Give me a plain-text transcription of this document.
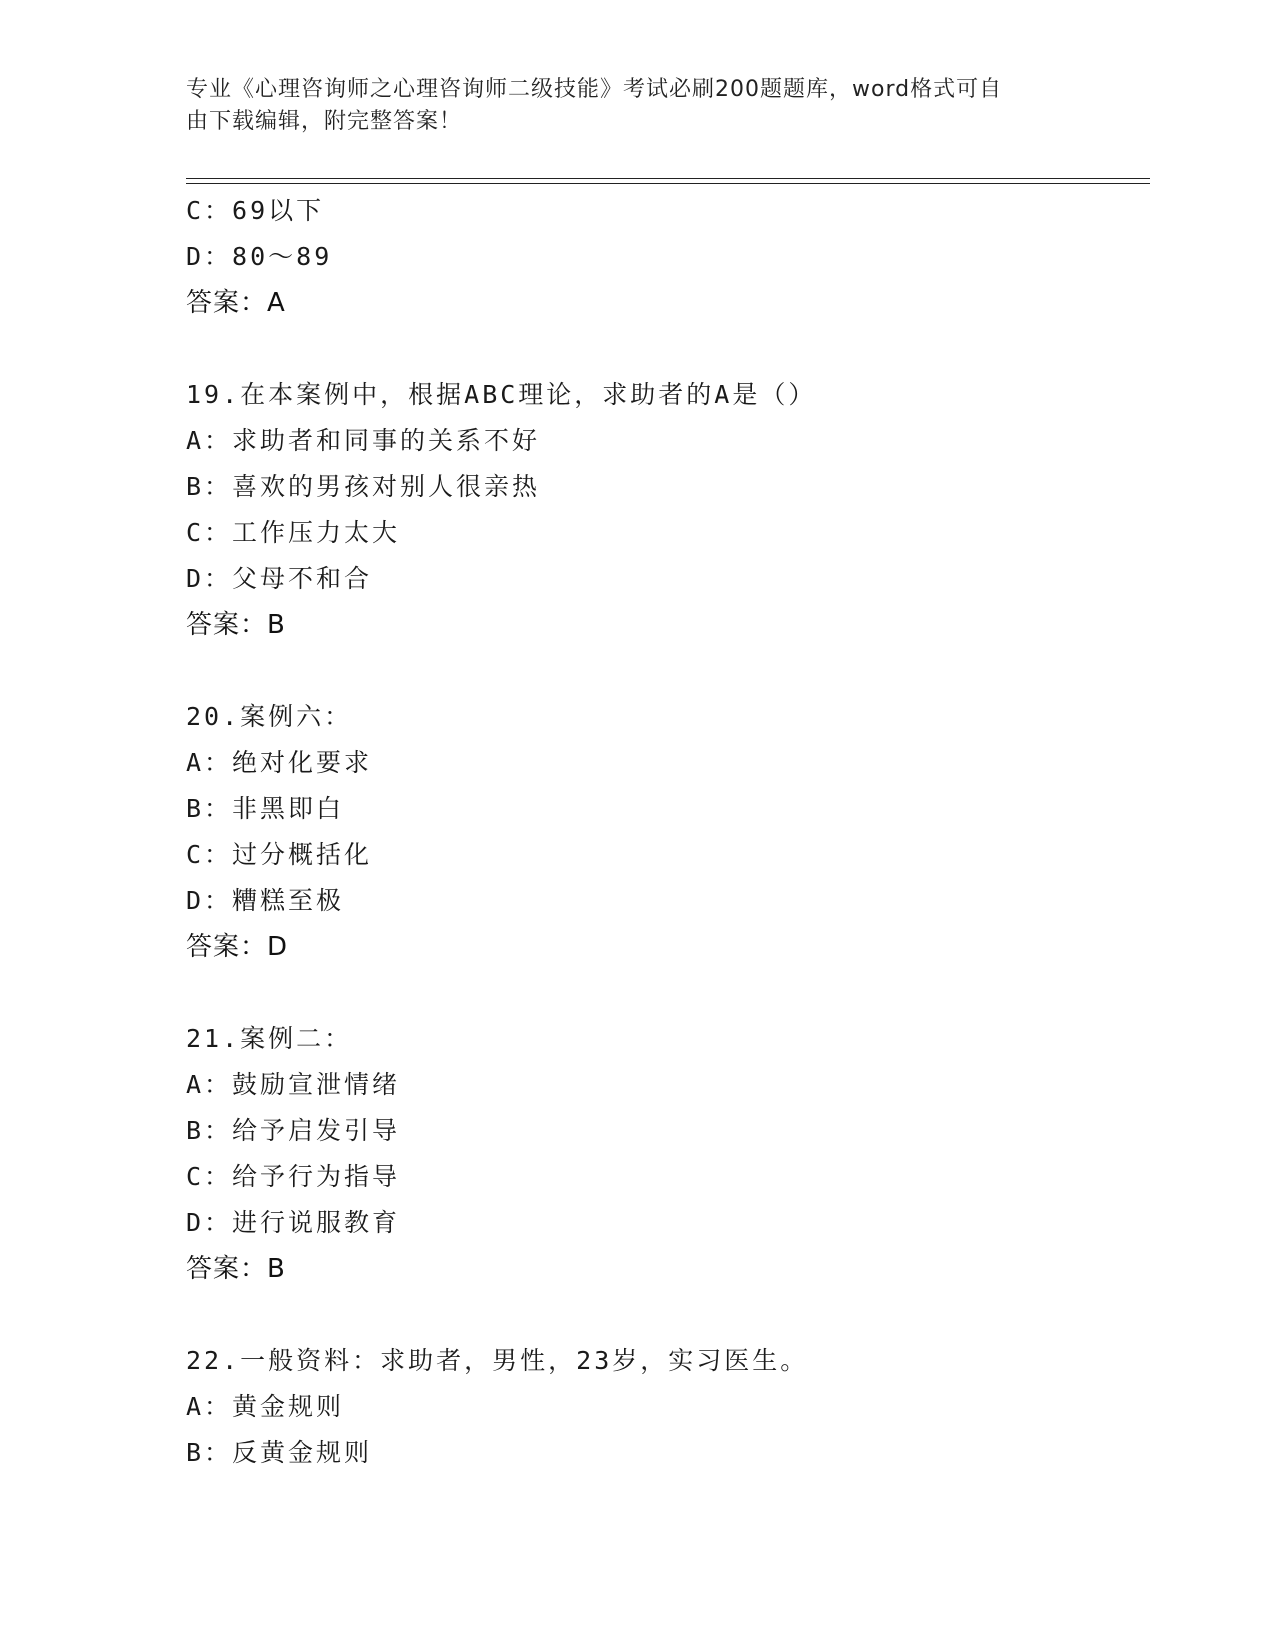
专业《心理咨询师之心理咨询师二级技能》考试必刷200题题库，word格式可自
由下载编辑，附完整答案！
C：69以下
D：80～89
答案：A
19.在本案例中，根据ABC理论，求助者的A是（）
A：求助者和同事的关系不好
B：喜欢的男孩对别人很亲热
C：工作压力太大
D：父母不和合
答案：B
20.案例六：
A：绝对化要求
B：非黑即白
C：过分概括化
D：糟糕至极
答案：D
21.案例二：
A：鼓励宣泄情绪
B：给予启发引导
C：给予行为指导
D：进行说服教育
答案：B
22.一般资料：求助者，男性，23岁，实习医生。
A：黄金规则
B：反黄金规则
